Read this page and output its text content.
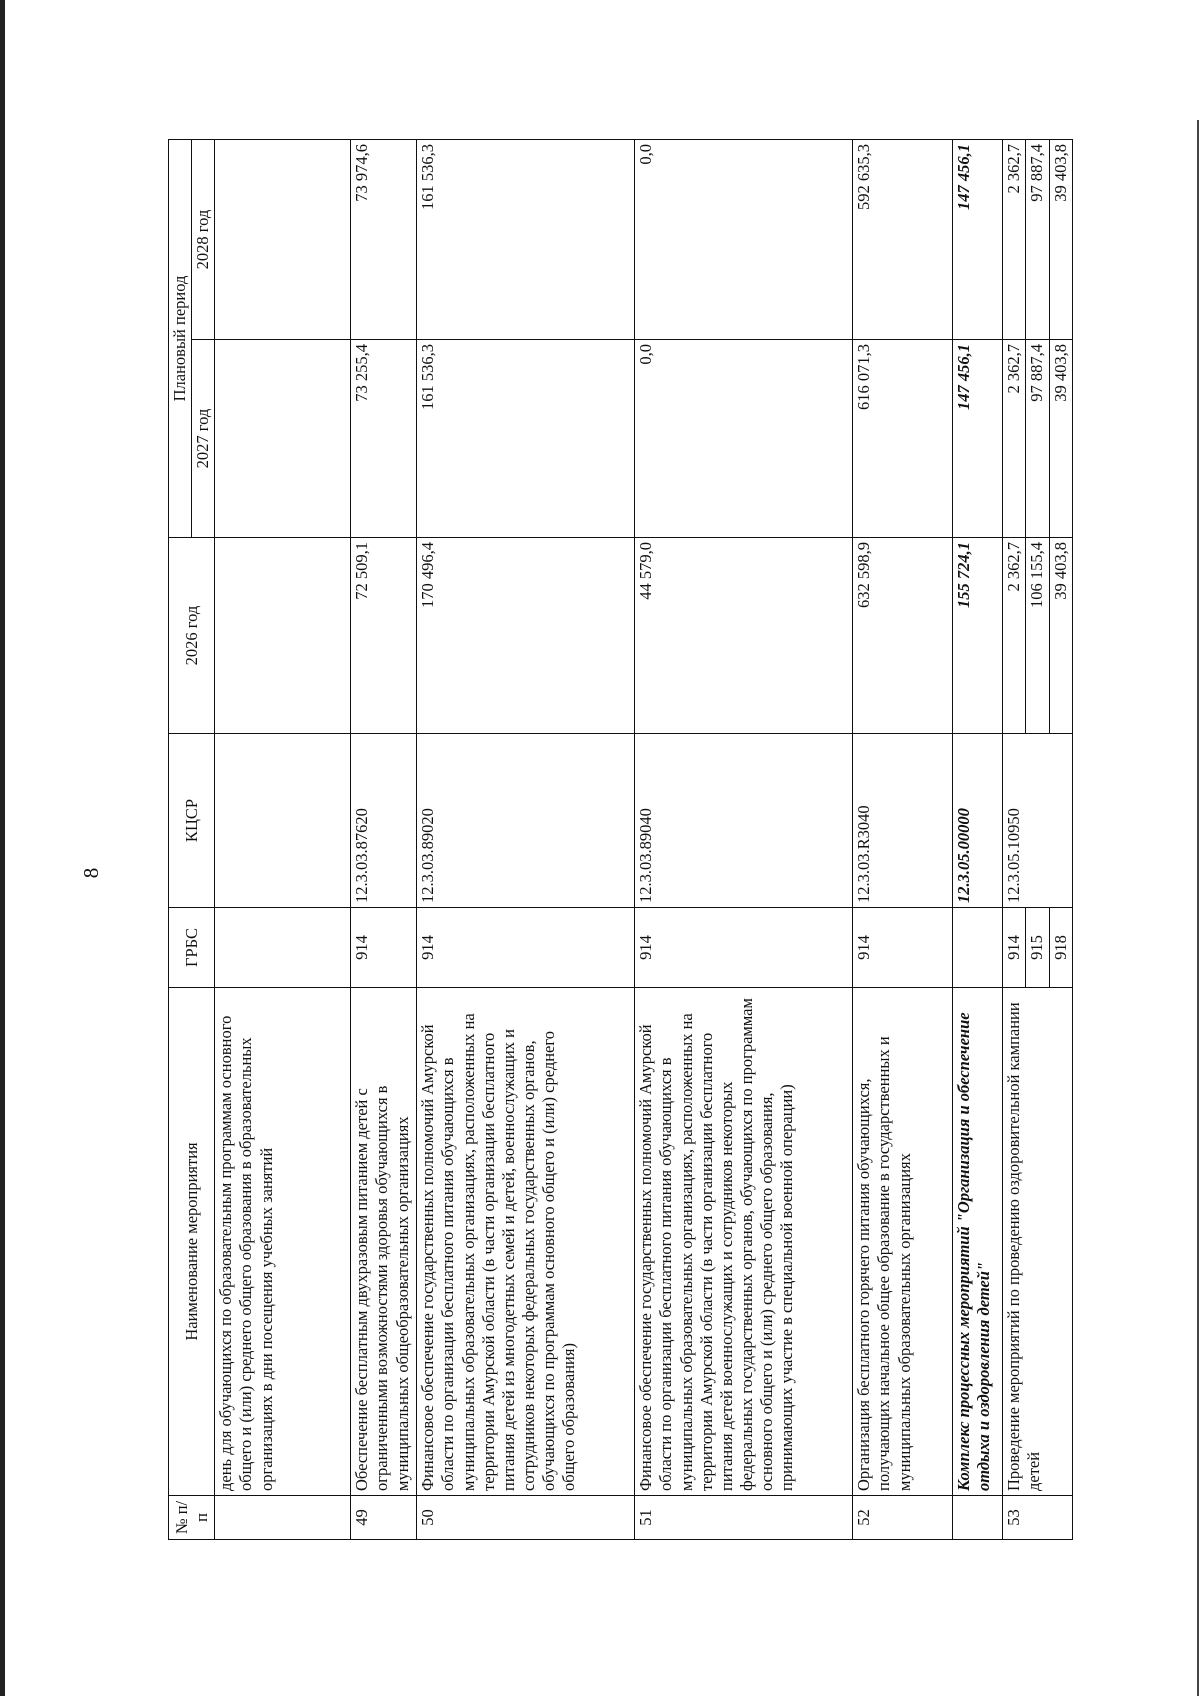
8
№ п/п	Наименование мероприятия	ГРБС	КЦСР	2026 год	Плановый период	
					2027 год	2028 год
	день для обучающихся по образовательным программам основного общего и (или) среднего общего образования в образовательных организациях в дни посещения учебных занятий					
49	Обеспечение бесплатным двухразовым питанием детей с ограниченными возможностями здоровья обучающихся в муниципальных общеобразовательных организациях	914	12.3.03.87620	72 509,1	73 255,4	73 974,6
50	Финансовое обеспечение государственных полномочий Амурской области по организации бесплатного питания обучающихся в муниципальных образовательных организациях, расположенных на территории Амурской области (в части организации бесплатного питания детей из многодетных семей и детей, военнослужащих и сотрудников некоторых федеральных государственных органов, обучающихся по программам основного общего и (или) среднего общего образования)	914	12.3.03.89020	170 496,4	161 536,3	161 536,3
51	Финансовое обеспечение государственных полномочий Амурской области по организации бесплатного питания обучающихся в муниципальных образовательных организациях, расположенных на территории Амурской области (в части организации бесплатного питания детей военнослужащих и сотрудников некоторых федеральных государственных органов, обучающихся по программам основного общего и (или) среднего общего образования, принимающих участие в специальной военной операции)	914	12.3.03.89040	44 579,0	0,0	0,0
52	Организация бесплатного горячего питания обучающихся, получающих начальное общее образование в государственных и муниципальных образовательных организациях	914	12.3.03.R3040	632 598,9	616 071,3	592 635,3
	Комплекс процессных мероприятий "Организация и обеспечение отдыха и оздоровления детей"		12.3.05.00000	155 724,1	147 456,1	147 456,1
53	Проведение мероприятий по проведению оздоровительной кампании детей	914	12.3.05.10950	2 362,7	2 362,7	2 362,7
		915		106 155,4	97 887,4	97 887,4
		918		39 403,8	39 403,8	39 403,8
